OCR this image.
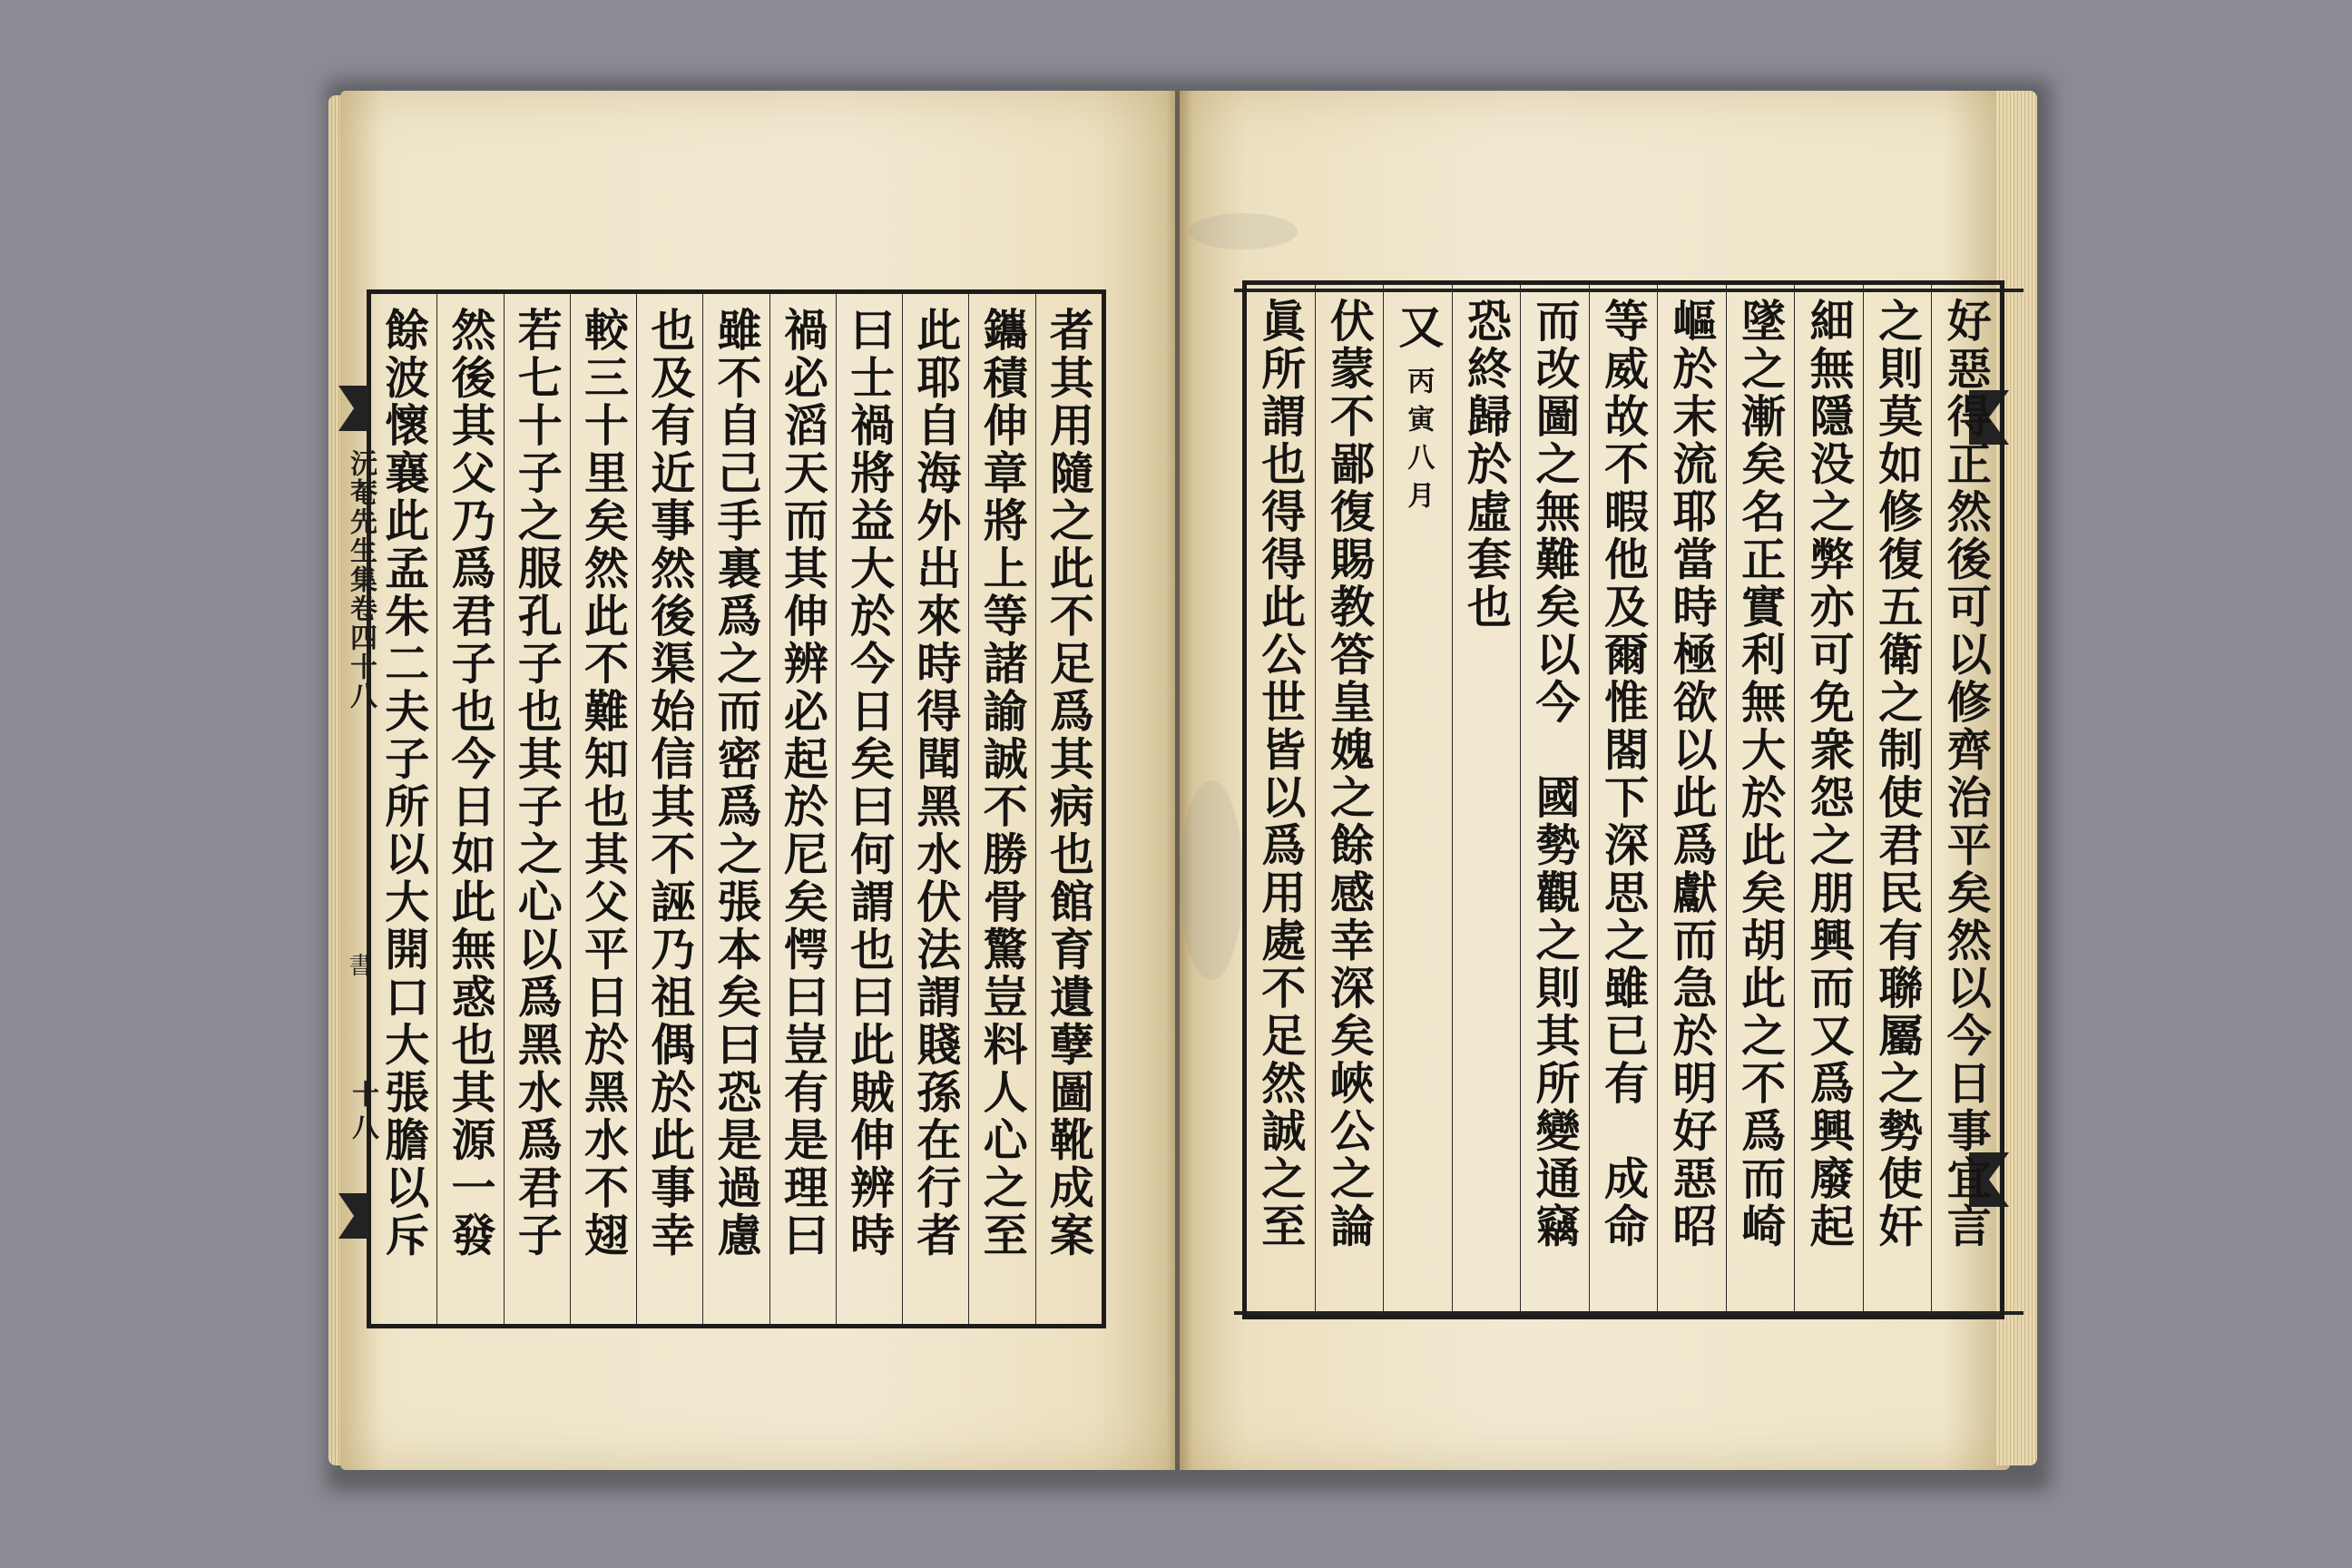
好惡得正然後可以修齊治平矣然以今日事宜言
之則莫如修復五衛之制使君民有聯屬之勢使奸
細無隱没之弊亦可免衆怨之朋興而又爲興廢起
墜之漸矣名正實利無大於此矣胡此之不爲而崎
嶇於末流耶當時極欲以此爲獻而急於明好惡昭
等威故不暇他及爾惟閤下深思之雖已有　成命
而改圖之無難矣以今　國勢觀之則其所變通竊
恐終歸於虛套也
又
丙寅八月
伏蒙不鄙復賜教答皇媿之餘感幸深矣峽公之論
眞所謂也得得此公世皆以爲用處不足然誠之至
者其用隨之此不足爲其病也館育遺孽圖靴成案
鑴積伸章將上等諸諭誠不勝骨驚豈料人心之至
此耶自海外出來時得聞黑水伏法謂賤孫在行者
曰士禍將益大於今日矣曰何謂也曰此賊伸辨時
禍必滔天而其伸辨必起於尼矣愕曰豈有是理曰
雖不自己手裏爲之而密爲之張本矣曰恐是過慮
也及有近事然後渠始信其不誣乃祖偶於此事幸
較三十里矣然此不難知也其父平日於黑水不翅
若七十子之服孔子也其子之心以爲黑水爲君子
然後其父乃爲君子也今日如此無惑也其源一發
餘波懷襄此孟朱二夫子所以大開口大張膽以斥
沅菴先生集卷四十八
書
十八
